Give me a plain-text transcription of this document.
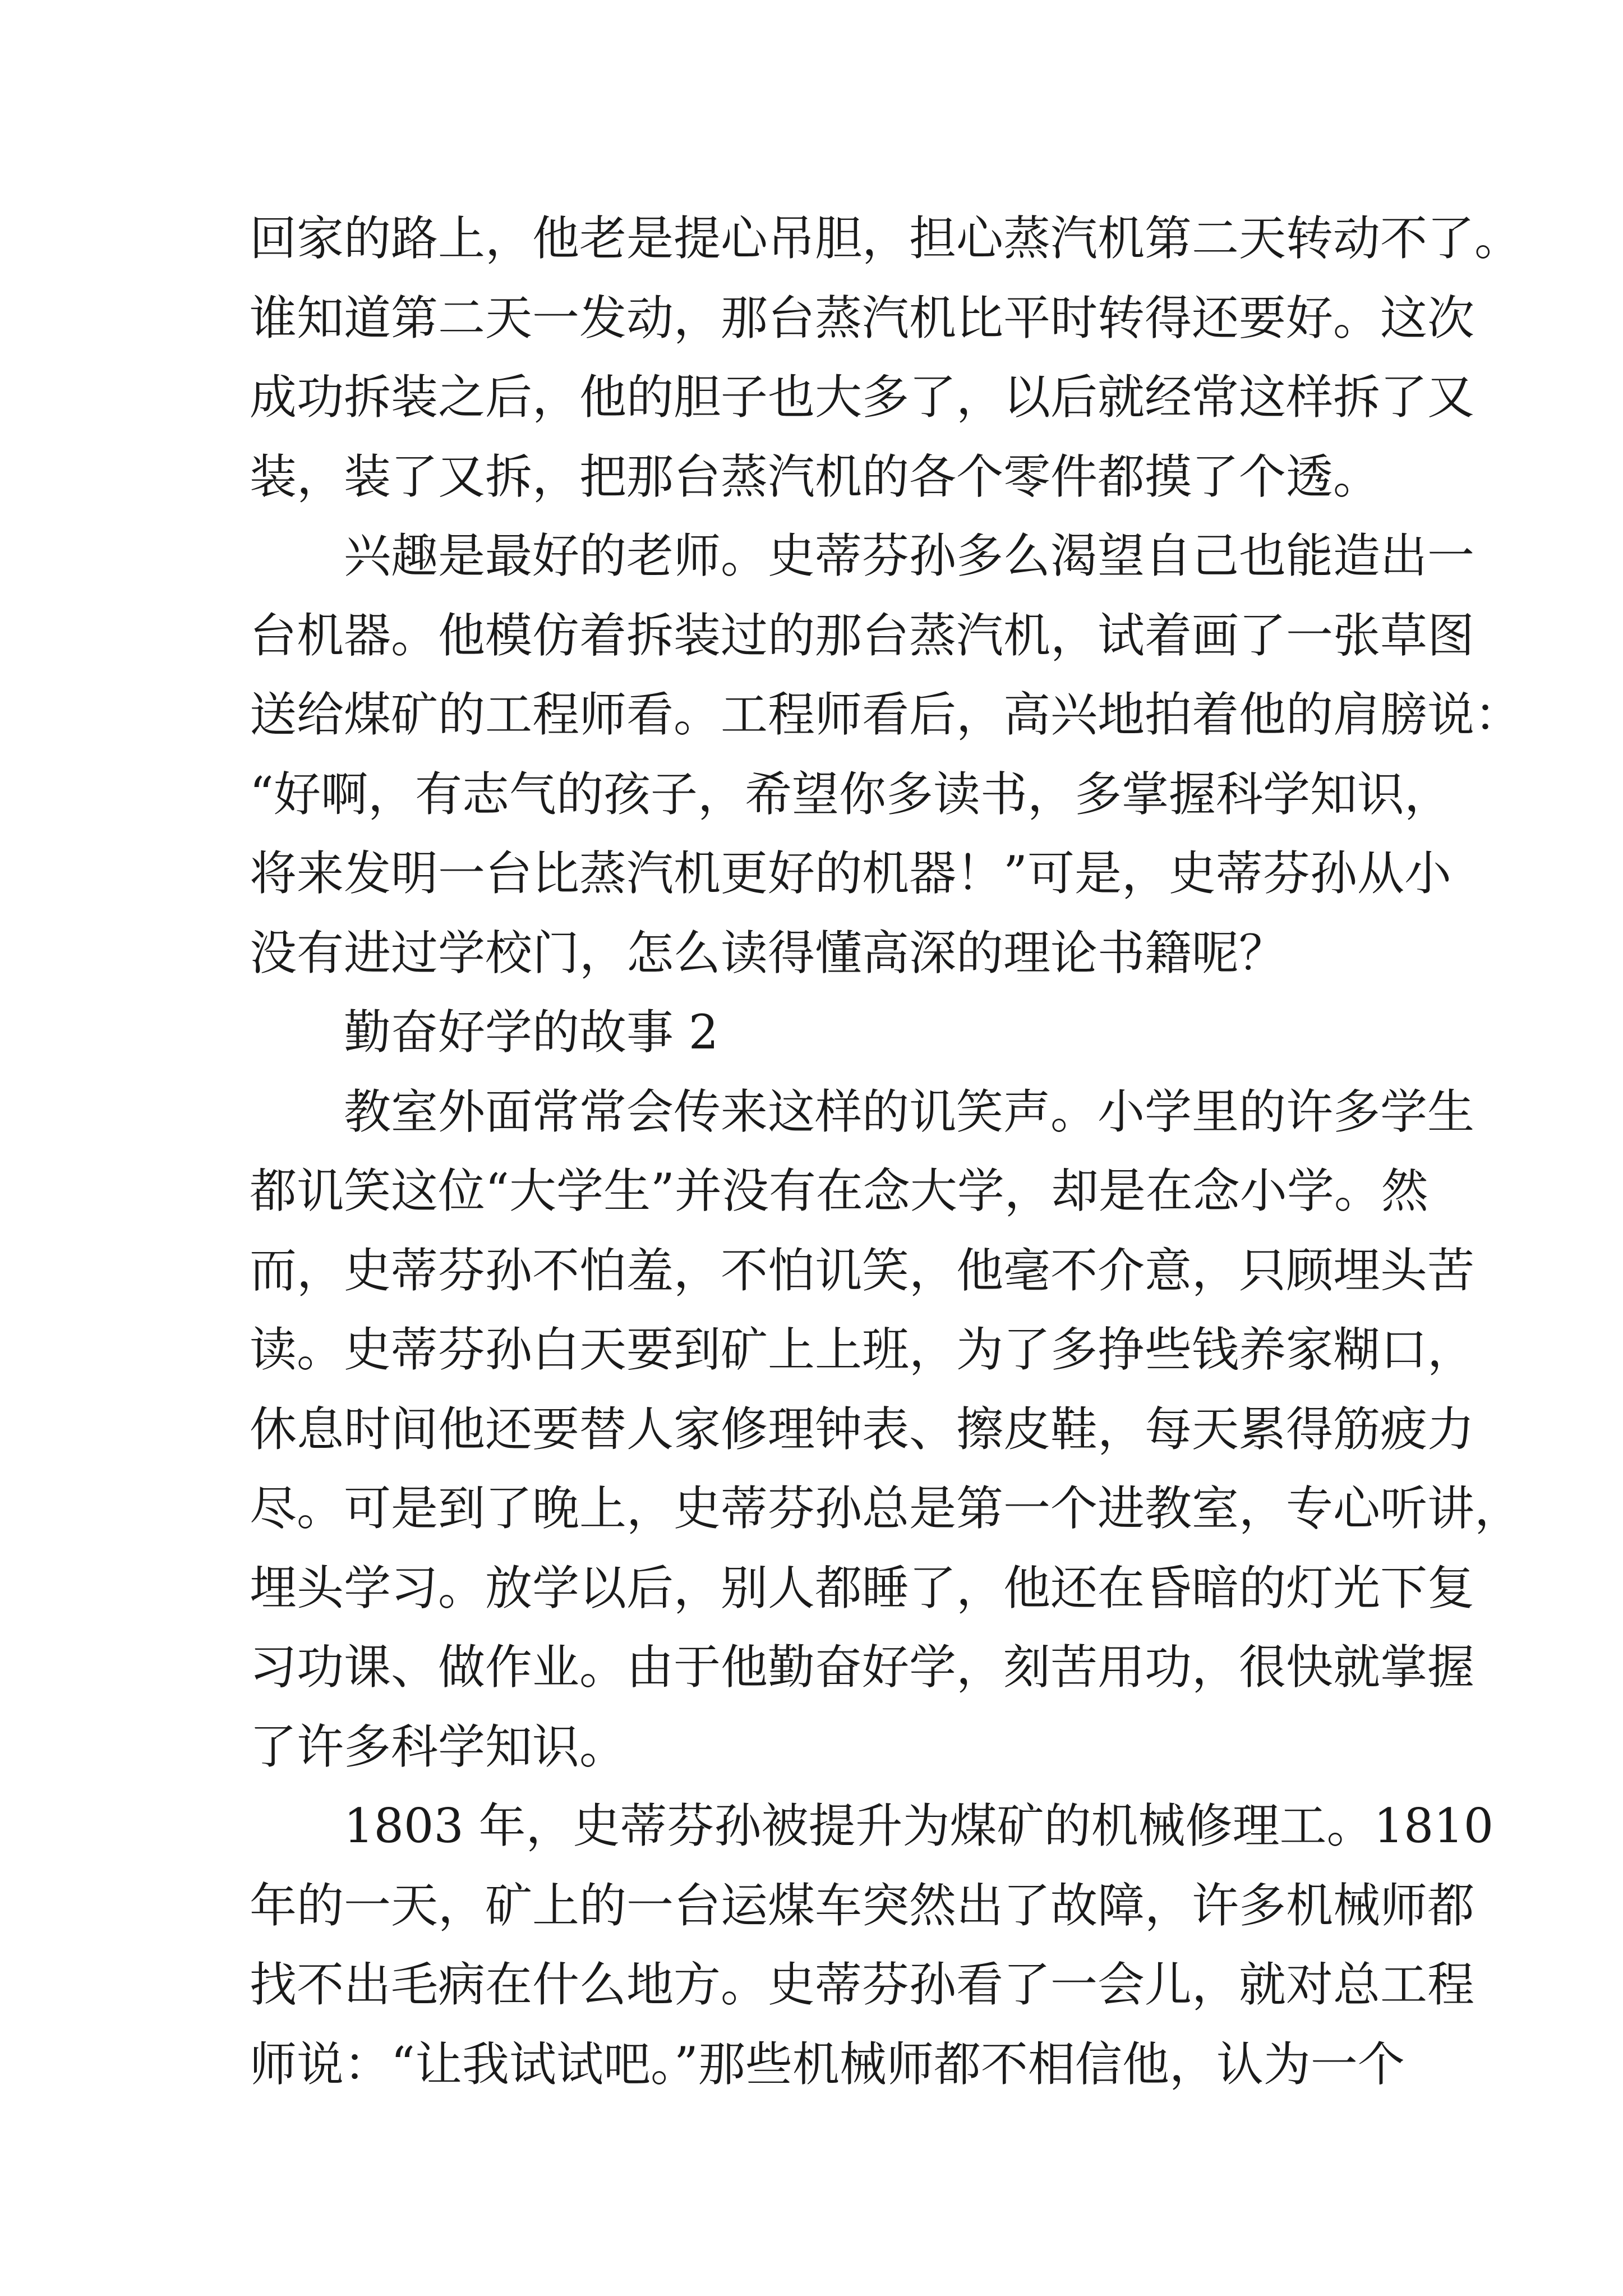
回家的路上，他老是提心吊胆，担心蒸汽机第二天转动不了。
谁知道第二天一发动，那台蒸汽机比平时转得还要好。这次
成功拆装之后，他的胆子也大多了，以后就经常这样拆了又
装，装了又拆，把那台蒸汽机的各个零件都摸了个透。
兴趣是最好的老师。史蒂芬孙多么渴望自己也能造出一
台机器。他模仿着拆装过的那台蒸汽机，试着画了一张草图
送给煤矿的工程师看。工程师看后，高兴地拍着他的肩膀说：
“好啊，有志气的孩子，希望你多读书，多掌握科学知识，
将来发明一台比蒸汽机更好的机器！”可是，史蒂芬孙从小
没有进过学校门，怎么读得懂高深的理论书籍呢？
勤奋好学的故事 2
教室外面常常会传来这样的讥笑声。小学里的许多学生
都讥笑这位“大学生”并没有在念大学，却是在念小学。然
而，史蒂芬孙不怕羞，不怕讥笑，他毫不介意，只顾埋头苦
读。史蒂芬孙白天要到矿上上班，为了多挣些钱养家糊口，
休息时间他还要替人家修理钟表、擦皮鞋，每天累得筋疲力
尽。可是到了晚上，史蒂芬孙总是第一个进教室，专心听讲，
埋头学习。放学以后，别人都睡了，他还在昏暗的灯光下复
习功课、做作业。由于他勤奋好学，刻苦用功，很快就掌握
了许多科学知识。
1803 年，史蒂芬孙被提升为煤矿的机械修理工。1810
年的一天，矿上的一台运煤车突然出了故障，许多机械师都
找不出毛病在什么地方。史蒂芬孙看了一会儿，就对总工程
师说：“让我试试吧。”那些机械师都不相信他，认为一个
